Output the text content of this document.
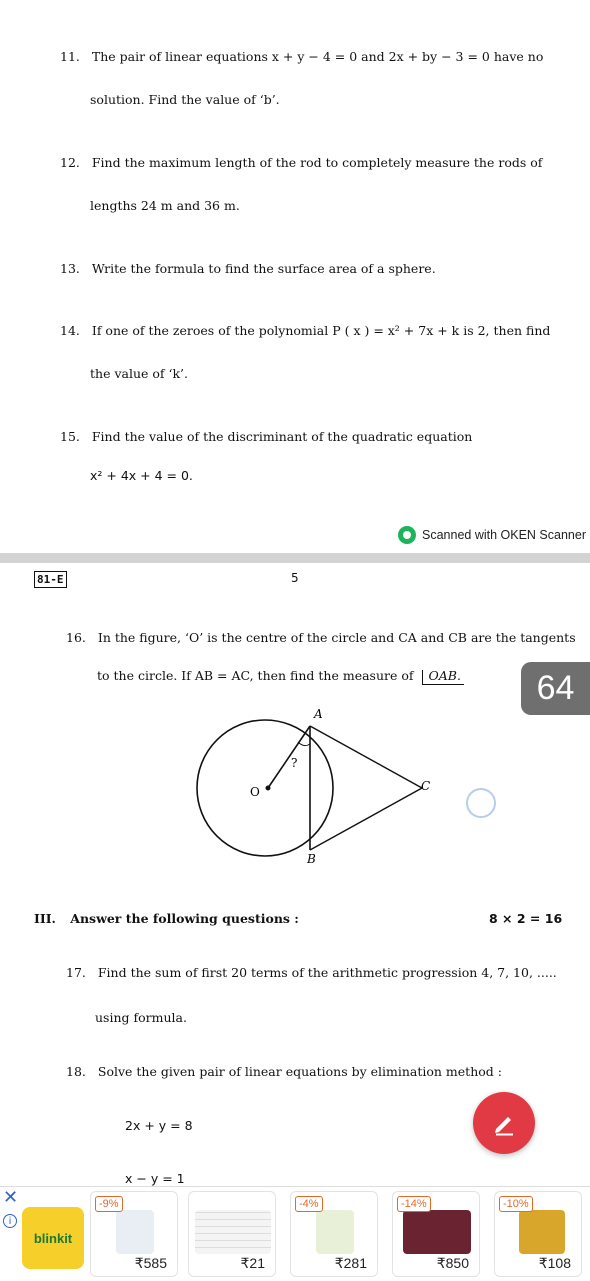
11. The pair of linear equations x + y − 4 = 0 and 2x + by − 3 = 0 have no
solution. Find the value of ‘b’.
12. Find the maximum length of the rod to completely measure the rods of
lengths 24 m and 36 m.
13. Write the formula to find the surface area of a sphere.
14. If one of the zeroes of the polynomial P ( x ) = x² + 7x + k is 2, then find
the value of ‘k’.
15. Find the value of the discriminant of the quadratic equation
x² + 4x + 4 = 0.
Scanned with OKEN Scanner
81-E	5
16. In the figure, ‘O’ is the centre of the circle and CA and CB are the tangents
to the circle. If AB = AC, then find the measure of OAB.	64
A
B
C
O
?
III. Answer the following questions :	8 × 2 = 16
17. Find the sum of first 20 terms of the arithmetic progression 4, 7, 10, .....
using formula.
18. Solve the given pair of linear equations by elimination method :
2x + y = 8
x − y = 1
✕
i
blinkit
-9%
₹585	₹21
-4%
₹281
-14%
₹850
-10%
₹108
